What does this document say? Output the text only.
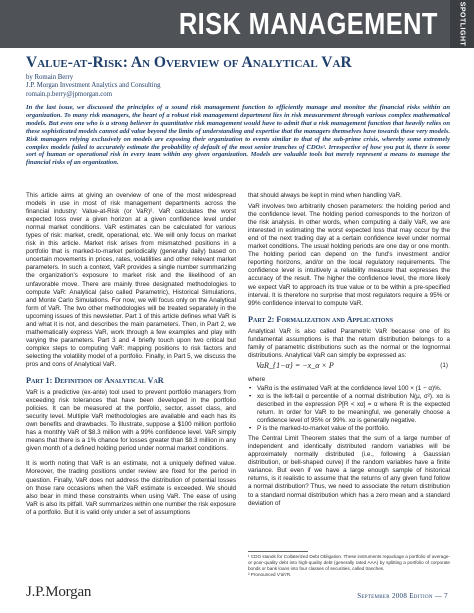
RISK MANAGEMENT	SPOTLIGHT
Value-at-Risk: An Overview of Analytical VaR
by Romain Berry
J.P. Morgan Investment Analytics and Consulting
romain.p.berry@jpmorgan.com
In the last issue, we discussed the principles of a sound risk management function to efficiently manage and monitor the financial risks within an organization. To many risk managers, the heart of a robust risk management department lies in risk measurement through various complex mathematical models. But even one who is a strong believer in quantitative risk management would have to admit that a risk management function that heavily relies on these sophisticated models cannot add value beyond the limits of understanding and expertise that the managers themselves have towards these very models. Risk managers relying exclusively on models are exposing their organization to events similar to that of the sub-prime crisis, whereby some extremely complex models failed to accurately estimate the probability of default of the most senior tranches of CDOs¹. Irrespective of how you put it, there is some sort of human or operational risk in every team within any given organization. Models are valuable tools but merely represent a means to manage the financial risks of an organization.

This article aims at giving an overview of one of the most widespread models in use in most of risk management departments across the financial industry: Value-at-Risk (or VaR)². VaR calculates the worst expected loss over a given horizon at a given confidence level under normal market conditions. VaR estimates can be calculated for various types of risk: market, credit, operational, etc. We will only focus on market risk in this article. Market risk arises from mismatched positions in a portfolio that is marked-to-market periodically (generally daily) based on uncertain movements in prices, rates, volatilities and other relevant market parameters. In such a context, VaR provides a single number summarizing the organization's exposure to market risk and the likelihood of an unfavorable move. There are mainly three designated methodologies to compute VaR: Analytical (also called Parametric), Historical Simulations, and Monte Carlo Simulations. For now, we will focus only on the Analytical form of VaR. The two other methodologies will be treated separately in the upcoming issues of this newsletter. Part 1 of this article defines what VaR is and what it is not, and describes the main parameters. Then, in Part 2, we mathematically express VaR, work through a few examples and play with varying the parameters. Part 3 and 4 briefly touch upon two critical but complex steps to computing VaR: mapping positions to risk factors and selecting the volatility model of a portfolio. Finally, in Part 5, we discuss the pros and cons of Analytical VaR.

Part 1: Definition of Analytical VaR

VaR is a predictive (ex-ante) tool used to prevent portfolio managers from exceeding risk tolerances that have been developed in the portfolio policies. It can be measured at the portfolio, sector, asset class, and security level. Multiple VaR methodologies are available and each has its own benefits and drawbacks. To illustrate, suppose a $100 million portfolio has a monthly VaR of $8.3 million with a 99% confidence level. VaR simply means that there is a 1% chance for losses greater than $8.3 million in any given month of a defined holding period under normal market conditions.

It is worth noting that VaR is an estimate, not a uniquely defined value. Moreover, the trading positions under review are fixed for the period in question. Finally, VaR does not address the distribution of potential losses on those rare occasions when the VaR estimate is exceeded. We should also bear in mind these constraints when using VaR. The ease of using VaR is also its pitfall. VaR summarizes within one number the risk exposure of a portfolio. But it is valid only under a set of assumptions

that should always be kept in mind when handling VaR.

VaR involves two arbitrarily chosen parameters: the holding period and the confidence level. The holding period corresponds to the horizon of the risk analysis. In other words, when computing a daily VaR, we are interested in estimating the worst expected loss that may occur by the end of the next trading day at a certain confidence level under normal market conditions. The usual holding periods are one day or one month. The holding period can depend on the fund's investment and/or reporting horizons, and/or on the local regulatory requirements. The confidence level is intuitively a reliability measure that expresses the accuracy of the result. The higher the confidence level, the more likely we expect VaR to approach its true value or to be within a pre-specified interval. It is therefore no surprise that most regulators require a 95% or 99% confidence interval to compute VaR.

Part 2: Formalization and Applications

Analytical VaR is also called Parametric VaR because one of its fundamental assumptions is that the return distribution belongs to a family of parametric distributions such as the normal or the lognormal distributions. Analytical VaR can simply be expressed as:

VaR_{1−α} = −x_α × P	(1)

where

• VaRα is the estimated VaR at the confidence level 100 × (1 − α)%.
• xα is the left-tail α percentile of a normal distribution N(μ, σ²). xα is described in the expression P[R < xα] = α where R is the expected return. In order for VaR to be meaningful, we generally choose a confidence level of 95% or 99%. xα is generally negative.
• P is the marked-to-market value of the portfolio.

The Central Limit Theorem states that the sum of a large number of independent and identically distributed random variables will be approximately normally distributed (i.e., following a Gaussian distribution, or bell-shaped curve) if the random variables have a finite variance. But even if we have a large enough sample of historical returns, is it realistic to assume that the returns of any given fund follow a normal distribution? Thus, we need to associate the return distribution to a standard normal distribution which has a zero mean and a standard deviation of

¹ CDO stands for Collaterized Debt Obligation. These instruments repackage a portfolio of average- or poor-quality debt into high-quality debt (generally rated AAA) by splitting a portfolio of corporate bonds or bank loans into four classes of securities, called tranches.

² Pronounced V'ah'R.

J.P.Morgan	September 2008 Edition — 7
